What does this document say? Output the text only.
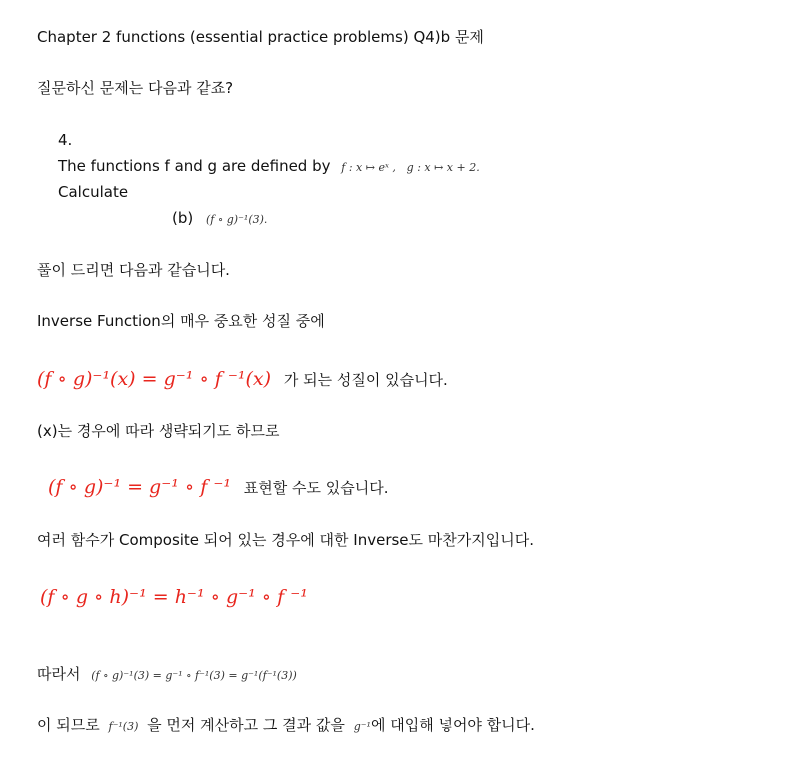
Chapter 2 functions (essential practice problems) Q4)b 문제
질문하신 문제는 다음과 같죠?
4.
The functions f and g are defined by f : x ↦ eˣ , g : x ↦ x + 2.
Calculate
(b) (f ∘ g)⁻¹(3).
풀이 드리면 다음과 같습니다.
Inverse Function의 매우 중요한 성질 중에
(f ∘ g)⁻¹(x) = g⁻¹ ∘ f ⁻¹(x) 가 되는 성질이 있습니다.
(x)는 경우에 따라 생략되기도 하므로
(f ∘ g)⁻¹ = g⁻¹ ∘ f ⁻¹ 표현할 수도 있습니다.
여러 함수가 Composite 되어 있는 경우에 대한 Inverse도 마찬가지입니다.
(f ∘ g ∘ h)⁻¹ = h⁻¹ ∘ g⁻¹ ∘ f ⁻¹
따라서 (f ∘ g)⁻¹(3) = g⁻¹ ∘ f⁻¹(3) = g⁻¹(f⁻¹(3))
이 되므로 f⁻¹(3) 을 먼저 계산하고 그 결과 값을 g⁻¹에 대입해 넣어야 합니다.
